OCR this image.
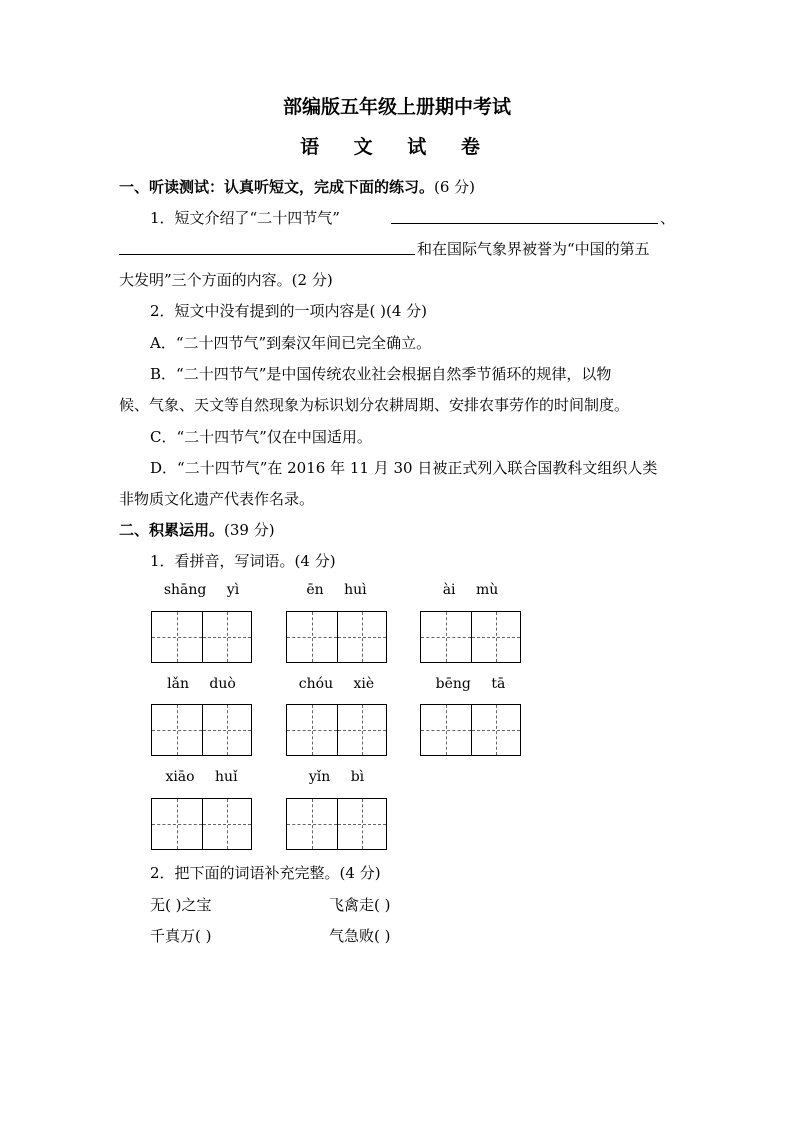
部编版五年级上册期中考试
语 文 试 卷
一、听读测试：认真听短文，完成下面的练习。(6 分)
1．短文介绍了“二十四节气”	、
和在国际气象界被誉为“中国的第五
大发明”三个方面的内容。(2 分)
2．短文中没有提到的一项内容是( )(4 分)
A．“二十四节气”到秦汉年间已完全确立。
B．“二十四节气”是中国传统农业社会根据自然季节循环的规律，以物
候、气象、天文等自然现象为标识划分农耕周期、安排农事劳作的时间制度。
C．“二十四节气”仅在中国适用。
D．“二十四节气”在 2016 年 11 月 30 日被正式列入联合国教科文组织人类
非物质文化遗产代表作名录。
二、积累运用。(39 分)
1．看拼音，写词语。(4 分)
shāng yì	ēn huì	ài mù
lǎn duò	chóu xiè	bēng tā
xiāo huǐ	yǐn bì
2．把下面的词语补充完整。(4 分)
无( )之宝	飞禽走( )
千真万( )	气急败( )
